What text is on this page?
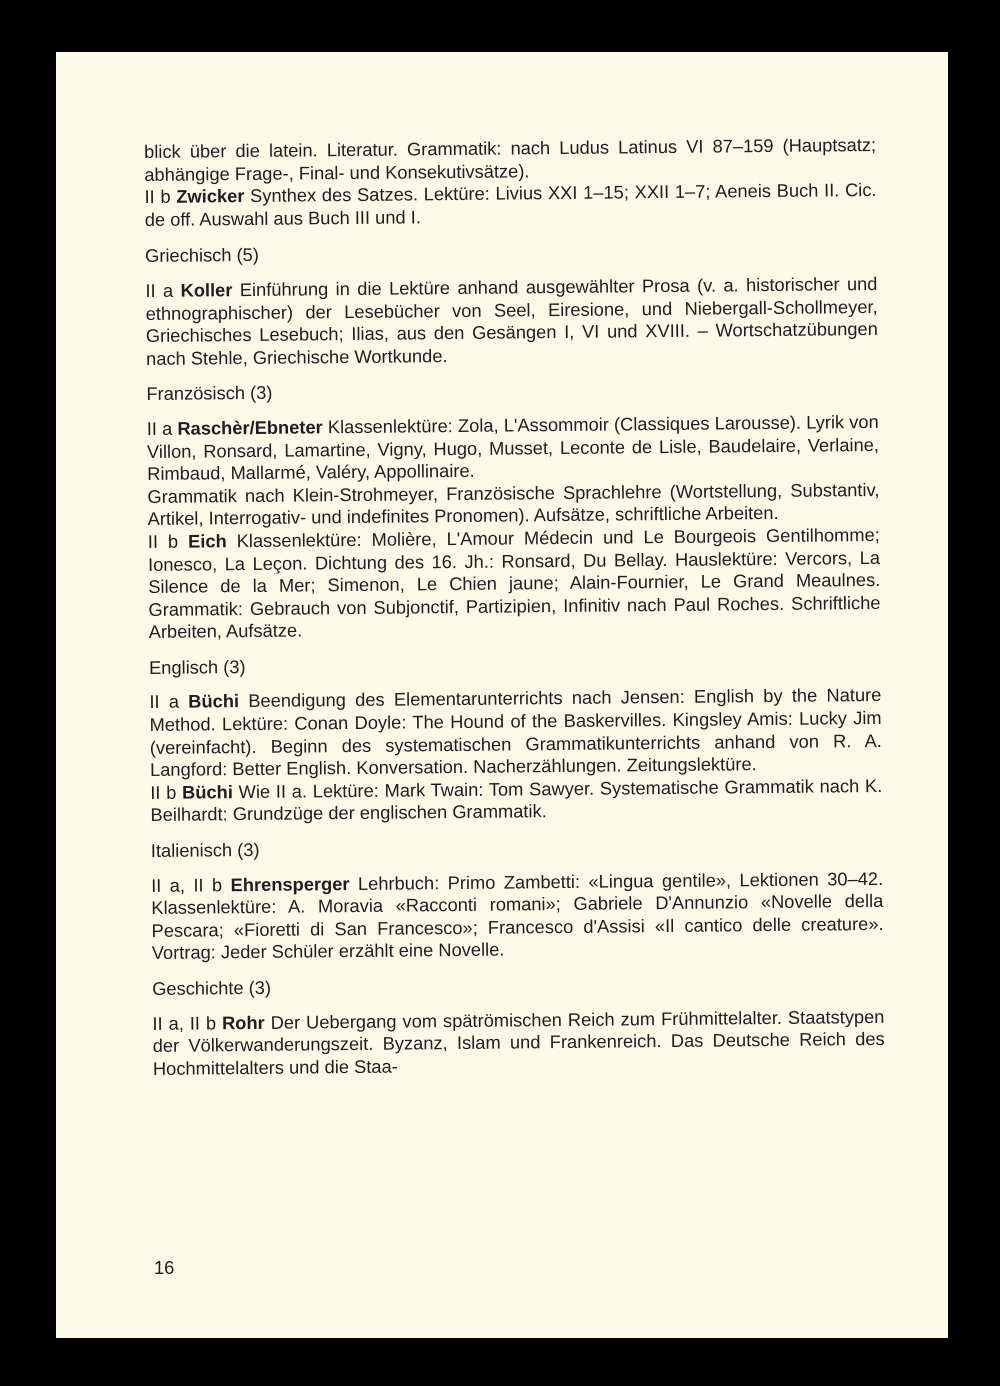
blick über die latein. Literatur. Grammatik: nach Ludus Latinus VI 87–159 (Hauptsatz; abhängige Frage-, Final- und Konsekutivsätze).

II b Zwicker Synthex des Satzes. Lektüre: Livius XXI 1–15; XXII 1–7; Aeneis Buch II. Cic. de off. Auswahl aus Buch III und I.

Griechisch (5)

II a Koller Einführung in die Lektüre anhand ausgewählter Prosa (v. a. historischer und ethnographischer) der Lesebücher von Seel, Eiresione, und Niebergall-Schollmeyer, Griechisches Lesebuch; Ilias, aus den Gesängen I, VI und XVIII. – Wortschatzübungen nach Stehle, Griechische Wortkunde.

Französisch (3)

II a Raschèr/Ebneter Klassenlektüre: Zola, L'Assommoir (Classiques Larousse). Lyrik von Villon, Ronsard, Lamartine, Vigny, Hugo, Musset, Leconte de Lisle, Baudelaire, Verlaine, Rimbaud, Mallarmé, Valéry, Appollinaire.

Grammatik nach Klein-Strohmeyer, Französische Sprachlehre (Wortstellung, Substantiv, Artikel, Interrogativ- und indefinites Pronomen). Aufsätze, schriftliche Arbeiten.

II b Eich Klassenlektüre: Molière, L'Amour Médecin und Le Bourgeois Gentilhomme; Ionesco, La Leçon. Dichtung des 16. Jh.: Ronsard, Du Bellay. Hauslektüre: Vercors, La Silence de la Mer; Simenon, Le Chien jaune; Alain-Fournier, Le Grand Meaulnes. Grammatik: Gebrauch von Subjonctif, Partizipien, Infinitiv nach Paul Roches. Schriftliche Arbeiten, Aufsätze.

Englisch (3)

II a Büchi Beendigung des Elementarunterrichts nach Jensen: English by the Nature Method. Lektüre: Conan Doyle: The Hound of the Baskervilles. Kingsley Amis: Lucky Jim (vereinfacht). Beginn des systematischen Grammatikunterrichts anhand von R. A. Langford: Better English. Konversation. Nacherzählungen. Zeitungslektüre.

II b Büchi Wie II a. Lektüre: Mark Twain: Tom Sawyer. Systematische Grammatik nach K. Beilhardt: Grundzüge der englischen Grammatik.

Italienisch (3)

II a, II b Ehrensperger Lehrbuch: Primo Zambetti: «Lingua gentile», Lektionen 30–42. Klassenlektüre: A. Moravia «Racconti romani»; Gabriele D'Annunzio «Novelle della Pescara; «Fioretti di San Francesco»; Francesco d'Assisi «Il cantico delle creature». Vortrag: Jeder Schüler erzählt eine Novelle.

Geschichte (3)

II a, II b Rohr Der Uebergang vom spätrömischen Reich zum Frühmittelalter. Staatstypen der Völkerwanderungszeit. Byzanz, Islam und Frankenreich. Das Deutsche Reich des Hochmittelalters und die Staa-

16
